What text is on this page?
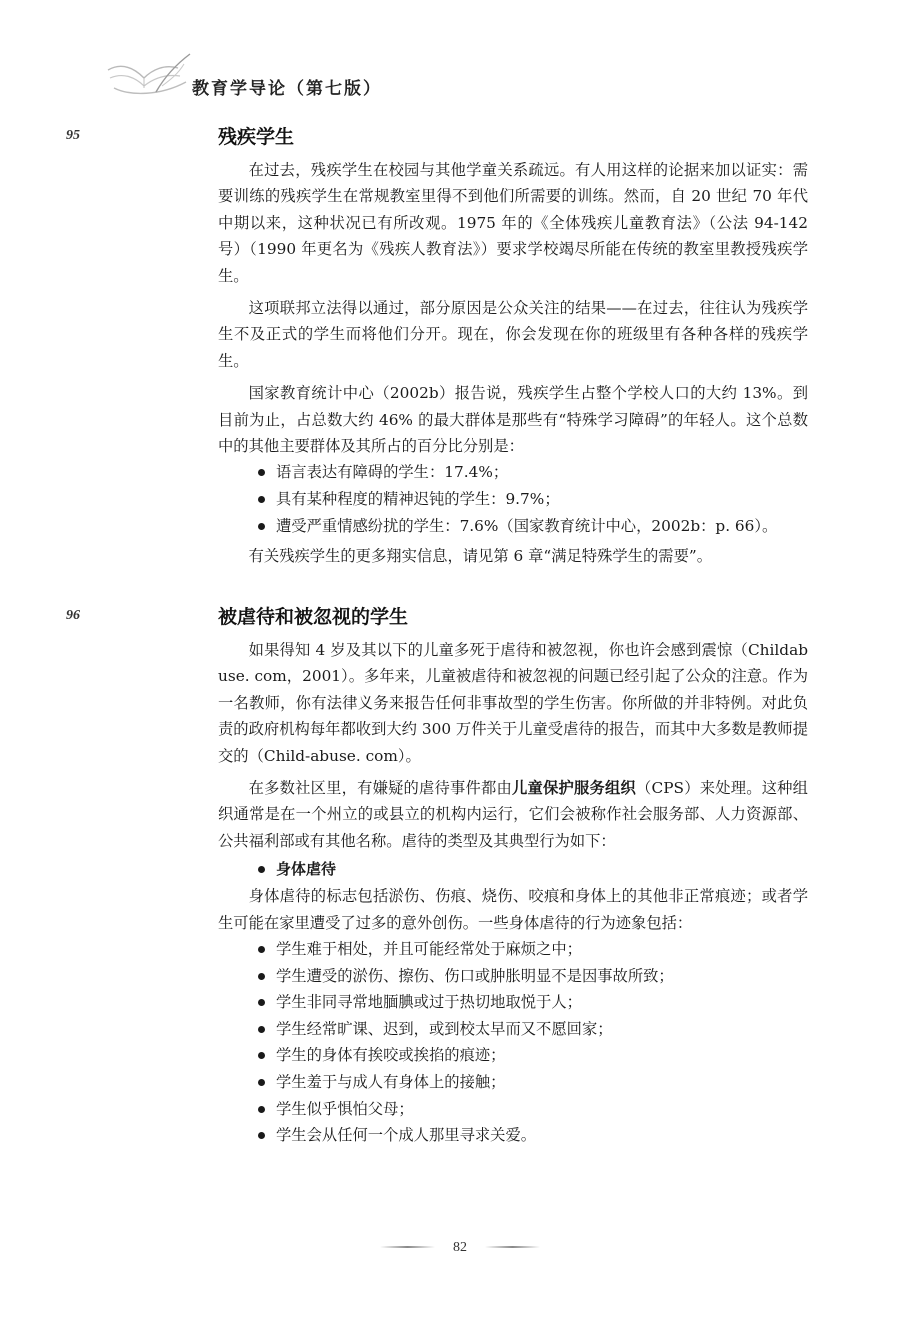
教育学导论（第七版）
95
96
残疾学生

在过去，残疾学生在校园与其他学童关系疏远。有人用这样的论据来加以证实：需要训练的残疾学生在常规教室里得不到他们所需要的训练。然而，自 20 世纪 70 年代中期以来，这种状况已有所改观。1975 年的《全体残疾儿童教育法》（公法 94-142 号）（1990 年更名为《残疾人教育法》）要求学校竭尽所能在传统的教室里教授残疾学生。

这项联邦立法得以通过，部分原因是公众关注的结果——在过去，往往认为残疾学生不及正式的学生而将他们分开。现在，你会发现在你的班级里有各种各样的残疾学生。

国家教育统计中心（2002b）报告说，残疾学生占整个学校人口的大约 13%。到目前为止，占总数大约 46% 的最大群体是那些有“特殊学习障碍”的年轻人。这个总数中的其他主要群体及其所占的百分比分别是：

语言表达有障碍的学生：17.4%；
具有某种程度的精神迟钝的学生：9.7%；
遭受严重情感纷扰的学生：7.6%（国家教育统计中心，2002b：p. 66）。

有关残疾学生的更多翔实信息，请见第 6 章“满足特殊学生的需要”。

被虐待和被忽视的学生

如果得知 4 岁及其以下的儿童多死于虐待和被忽视，你也许会感到震惊（Childabuse. com，2001）。多年来，儿童被虐待和被忽视的问题已经引起了公众的注意。作为一名教师，你有法律义务来报告任何非事故型的学生伤害。你所做的并非特例。对此负责的政府机构每年都收到大约 300 万件关于儿童受虐待的报告，而其中大多数是教师提交的（Child-abuse. com）。

在多数社区里，有嫌疑的虐待事件都由儿童保护服务组织（CPS）来处理。这种组织通常是在一个州立的或县立的机构内运行，它们会被称作社会服务部、人力资源部、公共福利部或有其他名称。虐待的类型及其典型行为如下：

身体虐待

身体虐待的标志包括淤伤、伤痕、烧伤、咬痕和身体上的其他非正常痕迹；或者学生可能在家里遭受了过多的意外创伤。一些身体虐待的行为迹象包括：

学生难于相处，并且可能经常处于麻烦之中；
学生遭受的淤伤、擦伤、伤口或肿胀明显不是因事故所致；
学生非同寻常地腼腆或过于热切地取悦于人；
学生经常旷课、迟到，或到校太早而又不愿回家；
学生的身体有挨咬或挨掐的痕迹；
学生羞于与成人有身体上的接触；
学生似乎惧怕父母；
学生会从任何一个成人那里寻求关爱。
82
